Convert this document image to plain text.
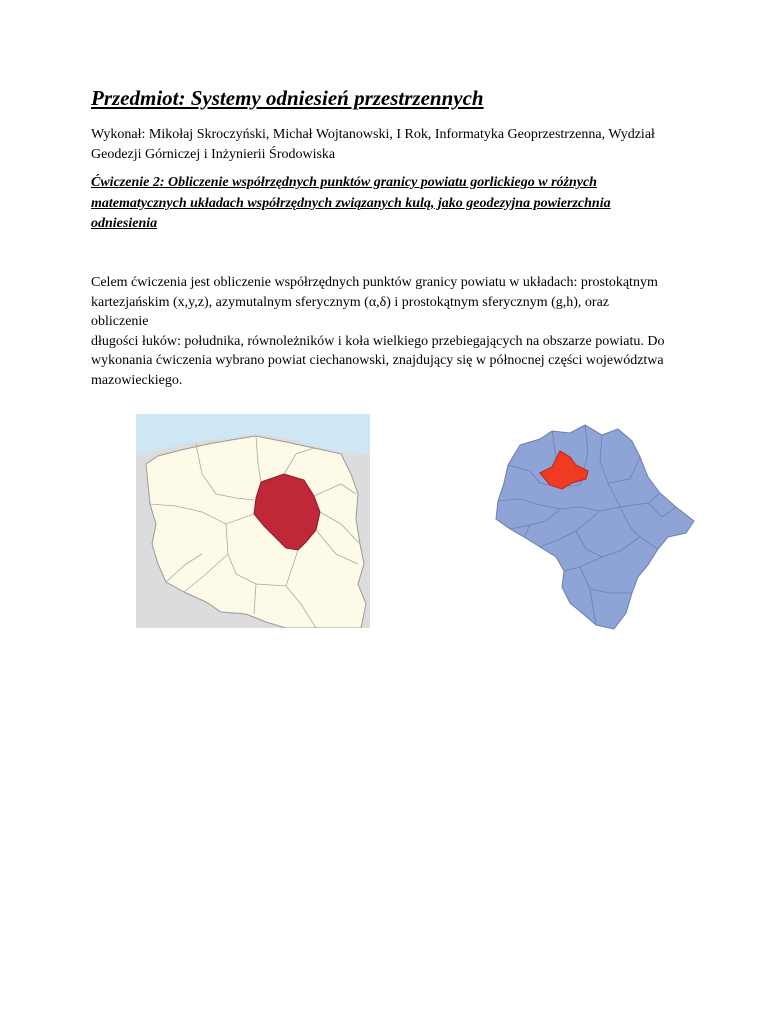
Przedmiot: Systemy odniesień przestrzennych
Wykonał: Mikołaj Skroczyński, Michał Wojtanowski, I Rok, Informatyka Geoprzestrzenna, Wydział Geodezji Górniczej i Inżynierii Środowiska
Ćwiczenie 2: Obliczenie współrzędnych punktów granicy powiatu gorlickiego w różnych matematycznych układach współrzędnych związanych kulą, jako geodezyjna powierzchnia odniesienia
Celem ćwiczenia jest obliczenie współrzędnych punktów granicy powiatu w układach: prostokątnym
kartezjańskim (x,y,z), azymutalnym sferycznym (α,δ) i prostokątnym sferycznym (g,h), oraz
obliczenie
długości łuków: południka, równoleżników i koła wielkiego przebiegających na obszarze powiatu. Do
wykonania ćwiczenia wybrano powiat ciechanowski, znajdujący się w północnej części województwa
mazowieckiego.
